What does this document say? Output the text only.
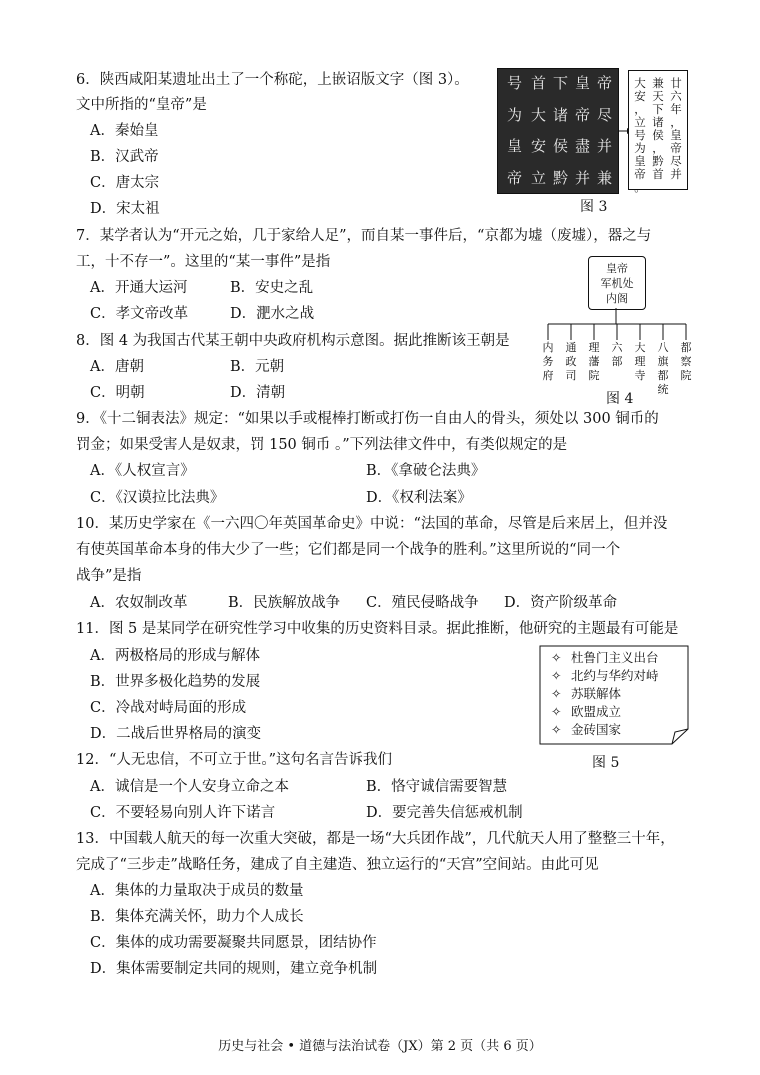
6．陕西咸阳某遗址出土了一个称砣，上嵌诏版文字（图 3）。
文中所指的“皇帝”是
A．秦始皇
B．汉武帝
C．唐太宗
D．宋太祖
帝
尽
并
兼
皇
帝
盡
并
下
诸
侯
黔
首
大
安
立
号
为
皇
帝
廿
六
年
，
皇
帝
尽
并
兼
天
下
诸
侯
，
黔
首
大
安
，
立
号
为
皇
帝
。
图 3
7．某学者认为“开元之始，几于家给人足”，而自某一事件后，“京都为墟（废墟），器之与
工，十不存一”。这里的“某一事件”是指
A．开通大运河	B．安史之乱
C．孝文帝改革	D．淝水之战
皇帝
军机处
内阁
内
务
府
通
政
司
理
藩
院
六
部
大
理
寺
八
旗
都
统
都
察
院
图 4
8．图 4 为我国古代某王朝中央政府机构示意图。据此推断该王朝是
A．唐朝	B．元朝
C．明朝	D．清朝
9．《十二铜表法》规定：“如果以手或棍棒打断或打伤一自由人的骨头，须处以 300 铜币的
罚金；如果受害人是奴隶，罚 150 铜币 。”下列法律文件中，有类似规定的是
A．《人权宣言》	B．《拿破仑法典》
C．《汉谟拉比法典》	D．《权利法案》
10．某历史学家在《一六四〇年英国革命史》中说：“法国的革命，尽管是后来居上，但并没
有使英国革命本身的伟大少了一些；它们都是同一个战争的胜利。”这里所说的“同一个
战争”是指
A．农奴制改革	B．民族解放战争 C．殖民侵略战争 D．资产阶级革命
11．图 5 是某同学在研究性学习中收集的历史资料目录。据此推断，他研究的主题最有可能是
A．两极格局的形成与解体
B．世界多极化趋势的发展
C．冷战对峙局面的形成
D．二战后世界格局的演变
✧ 杜鲁门主义出台
✧ 北约与华约对峙
✧ 苏联解体
✧ 欧盟成立
✧ 金砖国家
图 5
12．“人无忠信，不可立于世。”这句名言告诉我们
A．诚信是一个人安身立命之本	B．恪守诚信需要智慧
C．不要轻易向别人许下诺言	D．要完善失信惩戒机制
13．中国载人航天的每一次重大突破，都是一场“大兵团作战”，几代航天人用了整整三十年，
完成了“三步走”战略任务，建成了自主建造、独立运行的“天宫”空间站。由此可见
A．集体的力量取决于成员的数量
B．集体充满关怀，助力个人成长
C．集体的成功需要凝聚共同愿景，团结协作
D．集体需要制定共同的规则，建立竞争机制
历史与社会 • 道德与法治试卷（JX）第 2 页（共 6 页）
